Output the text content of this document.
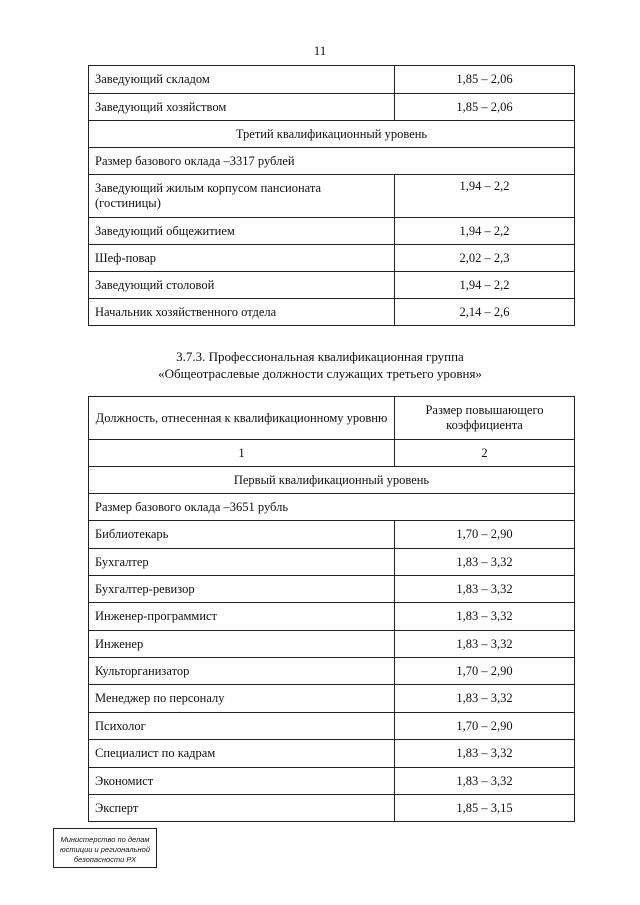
11
Заведующий складом	1,85 – 2,06
Заведующий хозяйством	1,85 – 2,06
Третий квалификационный уровень	
Размер базового оклада –3317 рублей	
Заведующий жилым корпусом пансионата (гостиницы)	1,94 – 2,2
Заведующий общежитием	1,94 – 2,2
Шеф-повар	2,02 – 2,3
Заведующий столовой	1,94 – 2,2
Начальник хозяйственного отдела	2,14 – 2,6
3.7.3. Профессиональная квалификационная группа
«Общеотраслевые должности служащих третьего уровня»
Должность, отнесенная к квалификационному уровню	Размер повышающего коэффициента
1	2
Первый квалификационный уровень	
Размер базового оклада –3651 рубль	
Библиотекарь	1,70 – 2,90
Бухгалтер	1,83 – 3,32
Бухгалтер-ревизор	1,83 – 3,32
Инженер-программист	1,83 – 3,32
Инженер	1,83 – 3,32
Культорганизатор	1,70 – 2,90
Менеджер по персоналу	1,83 – 3,32
Психолог	1,70 – 2,90
Специалист по кадрам	1,83 – 3,32
Экономист	1,83 – 3,32
Эксперт	1,85 – 3,15
Министерство по делам
юстиции и региональной
безопасности РХ
